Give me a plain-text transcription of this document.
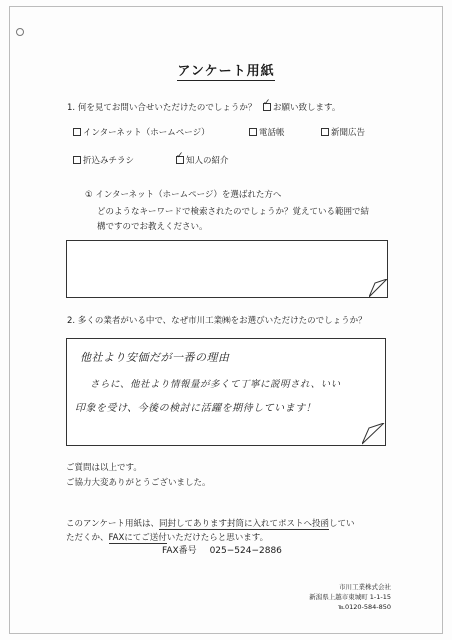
アンケート用紙
1. 何を見てお問い合せいただけたのでしょうか？ ✓ お願い致します。
インターネット（ホームページ）	電話帳	新聞広告
折込みチラシ ✓	知人の紹介
① インターネット（ホームページ）を選ばれた方へ
どのようなキーワードで検索されたのでしょうか？覚えている範囲で結
構ですのでお教えください。
2. 多くの業者がいる中で、なぜ市川工業㈱をお選びいただけたのでしょうか？
他社より安価だが一番の理由
さらに、他社より情報量が多くて丁寧に説明され、いい
印象を受け、今後の検討に活躍を期待しています！
ご質問は以上です。
ご協力大変ありがとうございました。
このアンケート用紙は、同封してあります封筒に入れてポストへ投函してい
ただくか、FAXにてご送付いただけたらと思います。
FAX番号 025−524−2886
市川工業株式会社
新潟県上越市東城町 1-1-15
℡0120-584-850
